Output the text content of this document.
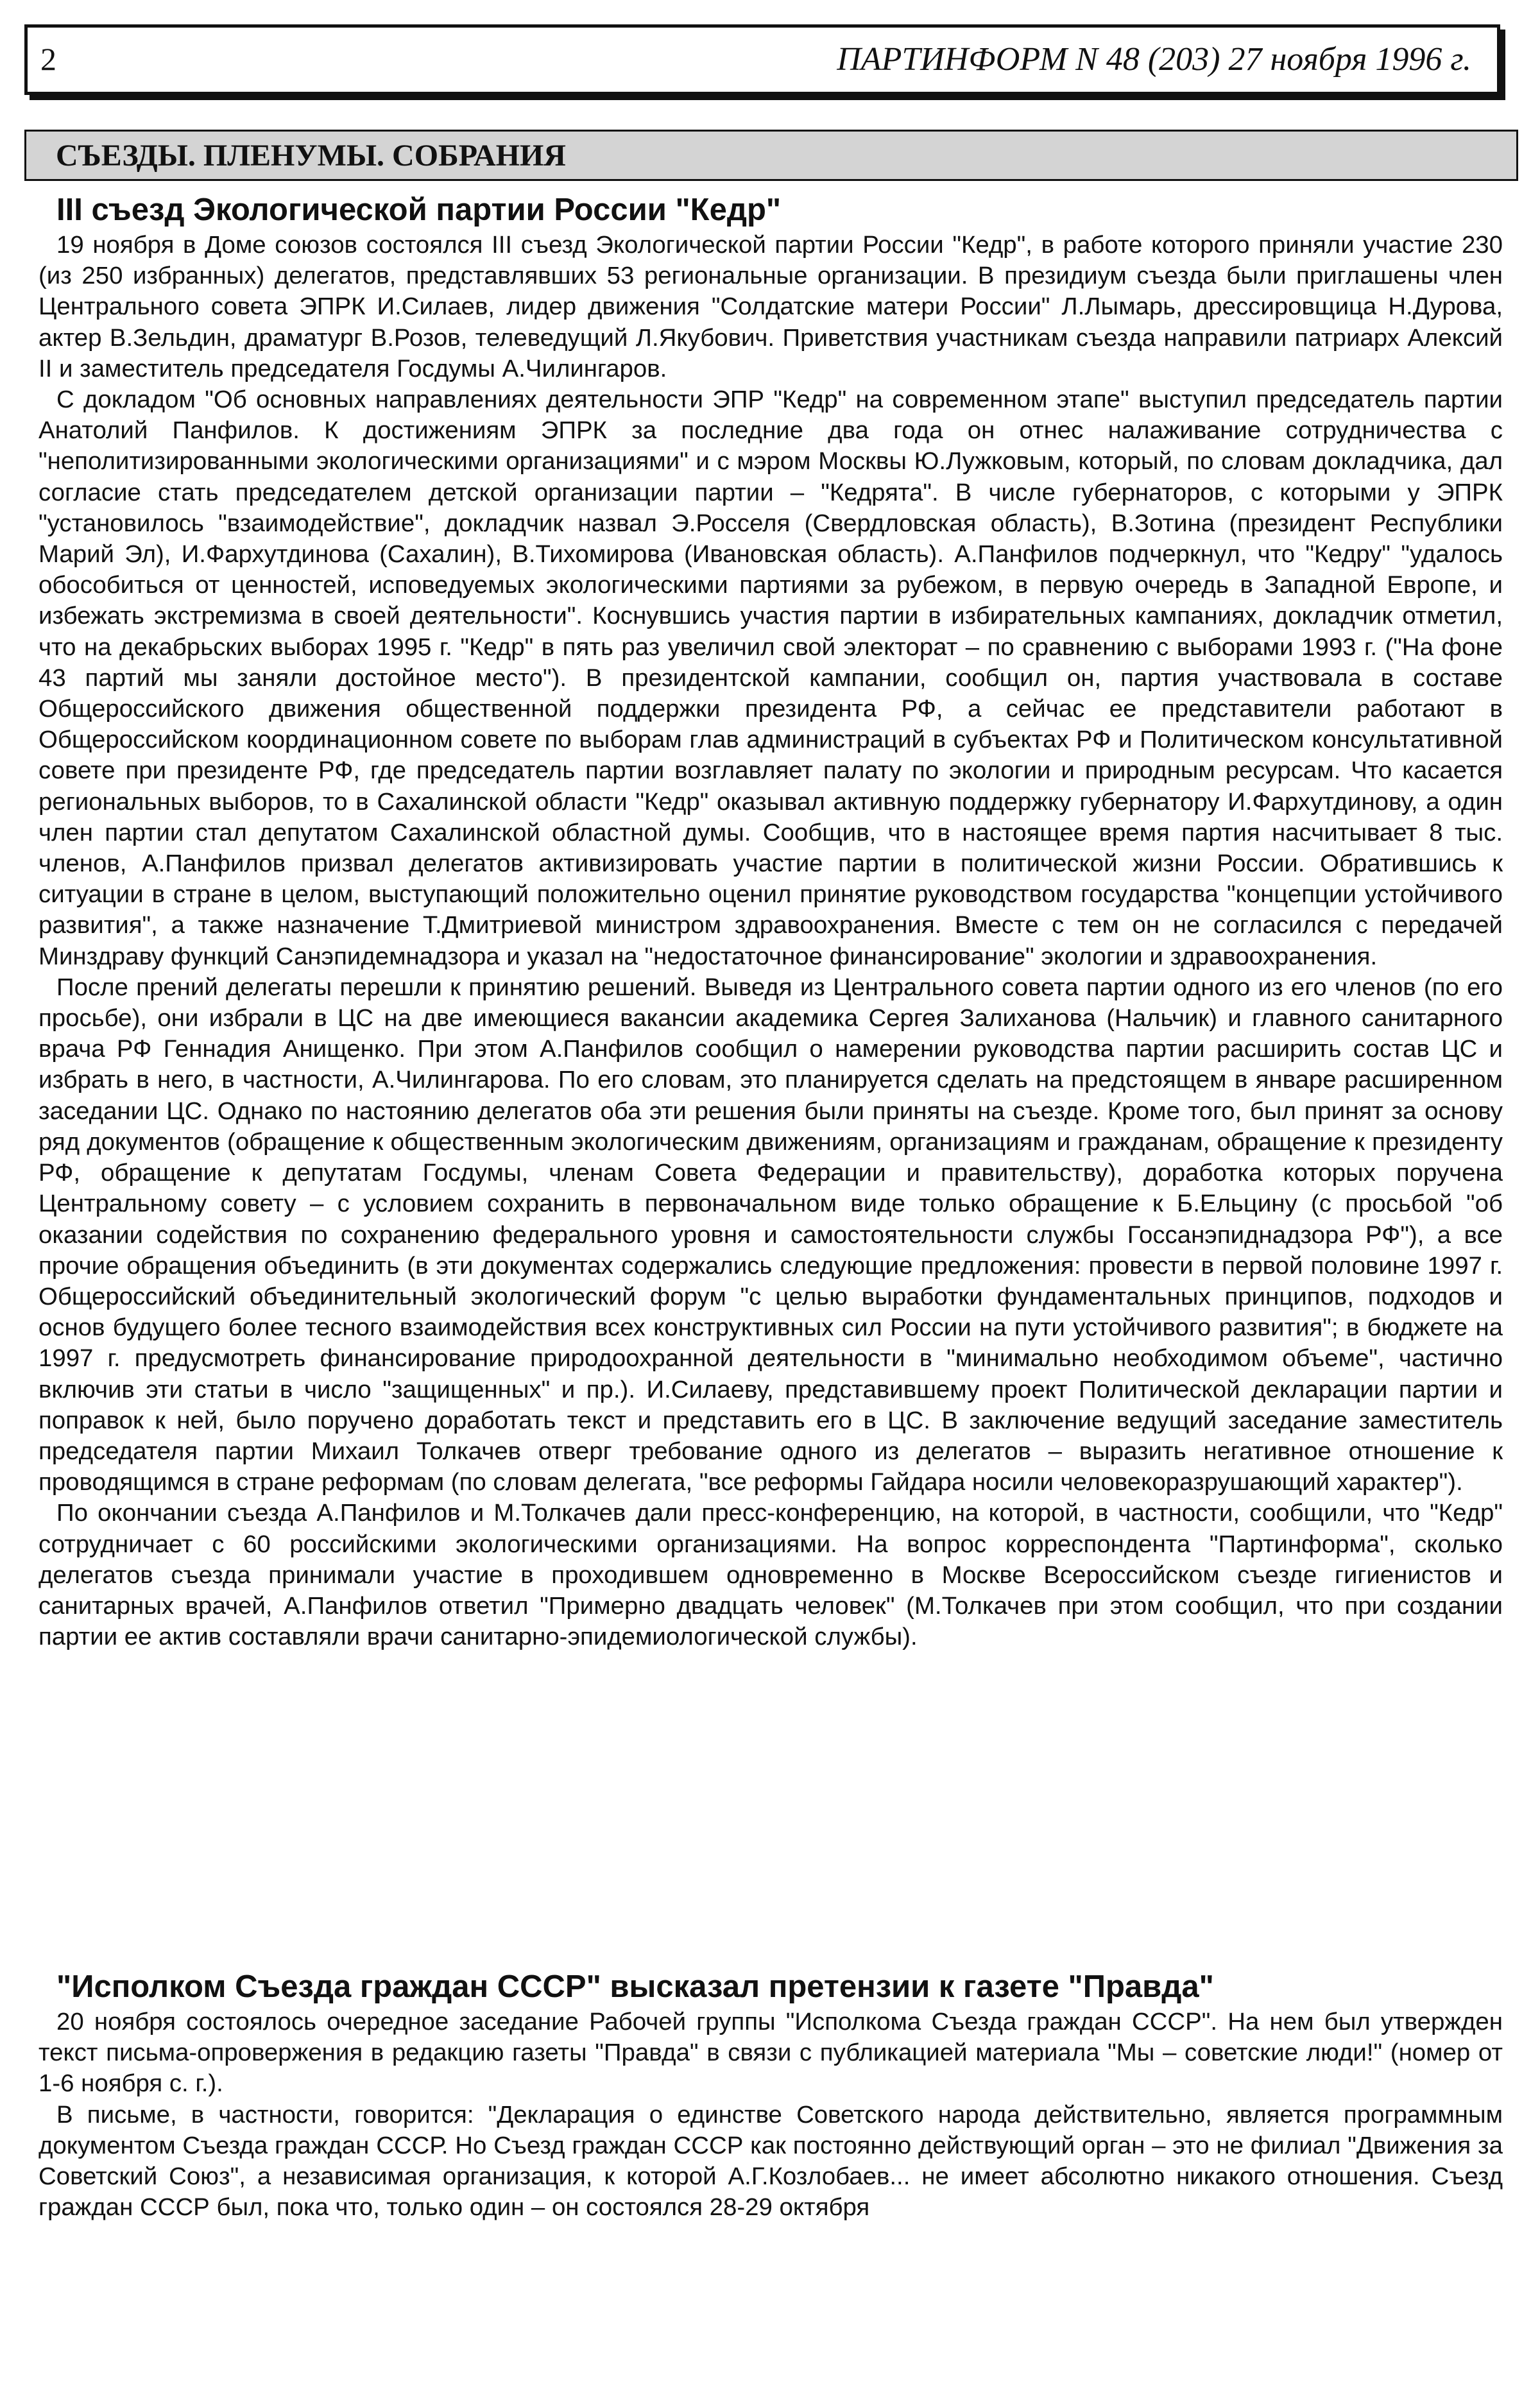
2	ПАРТИНФОРМ N 48 (203) 27 ноября 1996 г.
СЪЕЗДЫ. ПЛЕНУМЫ. СОБРАНИЯ
III съезд Экологической партии России "Кедр"

19 ноября в Доме союзов состоялся III съезд Экологической партии России "Кедр", в работе которого приняли участие 230 (из 250 избранных) делегатов, представлявших 53 региональные организации. В президиум съезда были приглашены член Центрального совета ЭПРК И.Силаев, лидер движения "Солдатские матери России" Л.Лымарь, дрессировщица Н.Дурова, актер В.Зельдин, драматург В.Розов, телеведущий Л.Якубович. Приветствия участникам съезда направили патриарх Алексий II и заместитель председателя Госдумы А.Чилингаров.

С докладом "Об основных направлениях деятельности ЭПР "Кедр" на современном этапе" выступил председатель партии Анатолий Панфилов. К достижениям ЭПРК за последние два года он отнес налаживание сотрудничества с "неполитизированными экологическими организациями" и с мэром Москвы Ю.Лужковым, который, по словам докладчика, дал согласие стать председателем детской организации партии – "Кедрята". В числе губернаторов, с которыми у ЭПРК "установилось "взаимодействие", докладчик назвал Э.Росселя (Свердловская область), В.Зотина (президент Республики Марий Эл), И.Фархутдинова (Сахалин), В.Тихомирова (Ивановская область). А.Панфилов подчеркнул, что "Кедру" "удалось обособиться от ценностей, исповедуемых экологическими партиями за рубежом, в первую очередь в Западной Европе, и избежать экстремизма в своей деятельности". Коснувшись участия партии в избирательных кампаниях, докладчик отметил, что на декабрьских выборах 1995 г. "Кедр" в пять раз увеличил свой электорат – по сравнению с выборами 1993 г. ("На фоне 43 партий мы заняли достойное место"). В президентской кампании, сообщил он, партия участвовала в составе Общероссийского движения общественной поддержки президента РФ, а сейчас ее представители работают в Общероссийском координационном совете по выборам глав администраций в субъектах РФ и Политическом консультативной совете при президенте РФ, где председатель партии возглавляет палату по экологии и природным ресурсам. Что касается региональных выборов, то в Сахалинской области "Кедр" оказывал активную поддержку губернатору И.Фархутдинову, а один член партии стал депутатом Сахалинской областной думы. Сообщив, что в настоящее время партия насчитывает 8 тыс. членов, А.Панфилов призвал делегатов активизировать участие партии в политической жизни России. Обратившись к ситуации в стране в целом, выступающий положительно оценил принятие руководством государства "концепции устойчивого развития", а также назначение Т.Дмитриевой министром здравоохранения. Вместе с тем он не согласился с передачей Минздраву функций Санэпидемнадзора и указал на "недостаточное финансирование" экологии и здравоохранения.

После прений делегаты перешли к принятию решений. Выведя из Центрального совета партии одного из его членов (по его просьбе), они избрали в ЦС на две имеющиеся вакансии академика Сергея Залиханова (Нальчик) и главного санитарного врача РФ Геннадия Анищенко. При этом А.Панфилов сообщил о намерении руководства партии расширить состав ЦС и избрать в него, в частности, А.Чилингарова. По его словам, это планируется сделать на предстоящем в январе расширенном заседании ЦС. Однако по настоянию делегатов оба эти решения были приняты на съезде. Кроме того, был принят за основу ряд документов (обращение к общественным экологическим движениям, организациям и гражданам, обращение к президенту РФ, обращение к депутатам Госдумы, членам Совета Федерации и правительству), доработка которых поручена Центральному совету – с условием сохранить в первоначальном виде только обращение к Б.Ельцину (с просьбой "об оказании содействия по сохранению федерального уровня и самостоятельности службы Госсанэпиднадзора РФ"), а все прочие обращения объединить (в эти документах содержались следующие предложения: провести в первой половине 1997 г. Общероссийский объединительный экологический форум "с целью выработки фундаментальных принципов, подходов и основ будущего более тесного взаимодействия всех конструктивных сил России на пути устойчивого развития"; в бюджете на 1997 г. предусмотреть финансирование природоохранной деятельности в "минимально необходимом объеме", частично включив эти статьи в число "защищенных" и пр.). И.Силаеву, представившему проект Политической декларации партии и поправок к ней, было поручено доработать текст и представить его в ЦС. В заключение ведущий заседание заместитель председателя партии Михаил Толкачев отверг требование одного из делегатов – выразить негативное отношение к проводящимся в стране реформам (по словам делегата, "все реформы Гайдара носили человекоразрушающий характер").

По окончании съезда А.Панфилов и М.Толкачев дали пресс-конференцию, на которой, в частности, сообщили, что "Кедр" сотрудничает с 60 российскими экологическими организациями. На вопрос корреспондента "Партинформа", сколько делегатов съезда принимали участие в проходившем одновременно в Москве Всероссийском съезде гигиенистов и санитарных врачей, А.Панфилов ответил "Примерно двадцать человек" (М.Толкачев при этом сообщил, что при создании партии ее актив составляли врачи санитарно-эпидемиологической службы).

"Исполком Съезда граждан СССР" высказал претензии к газете "Правда"

20 ноября состоялось очередное заседание Рабочей группы "Исполкома Съезда граждан СССР". На нем был утвержден текст письма-опровержения в редакцию газеты "Правда" в связи с публикацией материала "Мы – советские люди!" (номер от 1-6 ноября с. г.).

В письме, в частности, говорится: "Декларация о единстве Советского народа действительно, является программным документом Съезда граждан СССР. Но Съезд граждан СССР как постоянно действующий орган – это не филиал "Движения за Советский Союз", а независимая организация, к которой А.Г.Козлобаев... не имеет абсолютно никакого отношения. Съезд граждан СССР был, пока что, только один – он состоялся 28-29 октября
